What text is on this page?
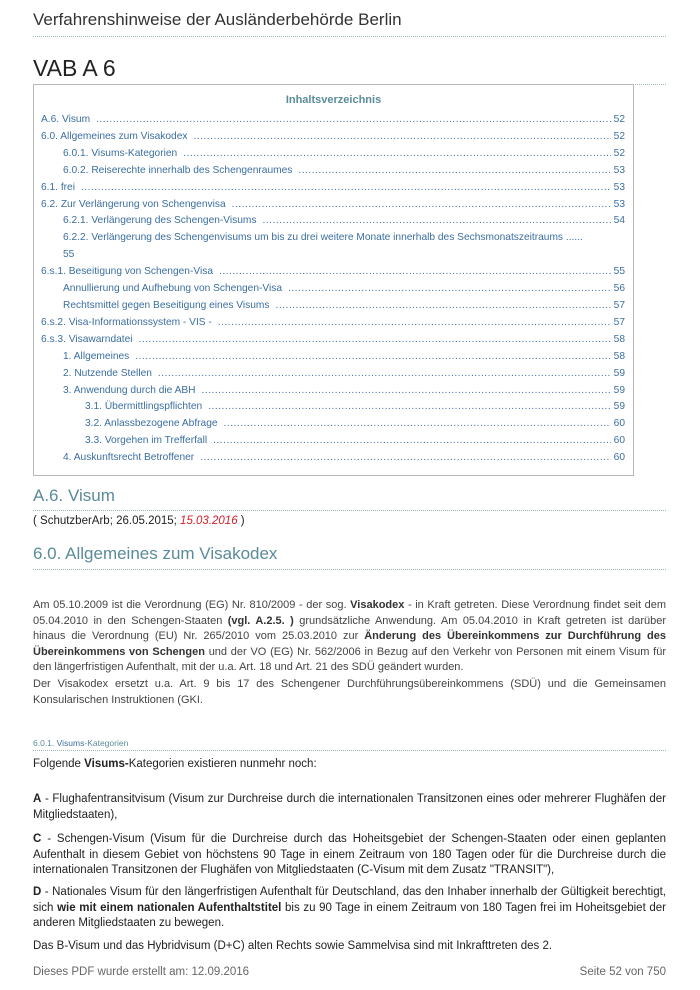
Verfahrenshinweise der Ausländerbehörde Berlin
VAB A 6
Inhaltsverzeichnis
A.6. Visum .....	52
6.0. Allgemeines zum Visakodex .....	52
6.0.1. Visums-Kategorien .....	52
6.0.2. Reiserechte innerhalb des Schengenraumes .....	53
6.1. frei .....	53
6.2. Zur Verlängerung von Schengenvisa .....	53
6.2.1. Verlängerung des Schengen-Visums .....	54
6.2.2. Verlängerung des Schengenvisums um bis zu drei weitere Monate innerhalb des Sechsmonatszeitraums ......
55
6.s.1. Beseitigung von Schengen-Visa .....	55
Annullierung und Aufhebung von Schengen-Visa .....	56
Rechtsmittel gegen Beseitigung eines Visums .....	57
6.s.2. Visa-Informationssystem - VIS - .....	57
6.s.3. Visawarndatei .....	58
1. Allgemeines .....	58
2. Nutzende Stellen .....	59
3. Anwendung durch die ABH .....	59
3.1. Übermittlingspflichten .....	59
3.2. Anlassbezogene Abfrage .....	60
3.3. Vorgehen im Trefferfall .....	60
4. Auskunftsrecht Betroffener .....	60
A.6. Visum
( SchutzberArb; 26.05.2015; 15.03.2016 )
6.0. Allgemeines zum Visakodex
Am 05.10.2009 ist die Verordnung (EG) Nr. 810/2009 - der sog. Visakodex - in Kraft getreten. Diese Verordnung findet seit dem 05.04.2010 in den Schengen-Staaten (vgl. A.2.5. ) grundsätzliche Anwendung. Am 05.04.2010 in Kraft getreten ist darüber hinaus die Verordnung (EU) Nr. 265/2010 vom 25.03.2010 zur Änderung des Übereinkommens zur Durchführung des Übereinkommens von Schengen und der VO (EG) Nr. 562/2006 in Bezug auf den Verkehr von Personen mit einem Visum für den längerfristigen Aufenthalt, mit der u.a. Art. 18 und Art. 21 des SDÜ geändert wurden.
Der Visakodex ersetzt u.a. Art. 9 bis 17 des Schengener Durchführungsübereinkommens (SDÜ) und die Gemeinsamen Konsularischen Instruktionen (GKI.
6.0.1. Visums-Kategorien
Folgende Visums-Kategorien existieren nunmehr noch:
A - Flughafentransitvisum (Visum zur Durchreise durch die internationalen Transitzonen eines oder mehrerer Flughäfen der Mitgliedstaaten),
C - Schengen-Visum (Visum für die Durchreise durch das Hoheitsgebiet der Schengen-Staaten oder einen geplanten Aufenthalt in diesem Gebiet von höchstens 90 Tage in einem Zeitraum von 180 Tagen oder für die Durchreise durch die internationalen Transitzonen der Flughäfen von Mitgliedstaaten (C-Visum mit dem Zusatz "TRANSIT"),
D - Nationales Visum für den längerfristigen Aufenthalt für Deutschland, das den Inhaber innerhalb der Gültigkeit berechtigt, sich wie mit einem nationalen Aufenthaltstitel bis zu 90 Tage in einem Zeitraum von 180 Tagen frei im Hoheitsgebiet der anderen Mitgliedstaaten zu bewegen.
Das B-Visum und das Hybridvisum (D+C) alten Rechts sowie Sammelvisa sind mit Inkrafttreten des 2.
Dieses PDF wurde erstellt am: 12.09.2016	Seite 52 von 750
